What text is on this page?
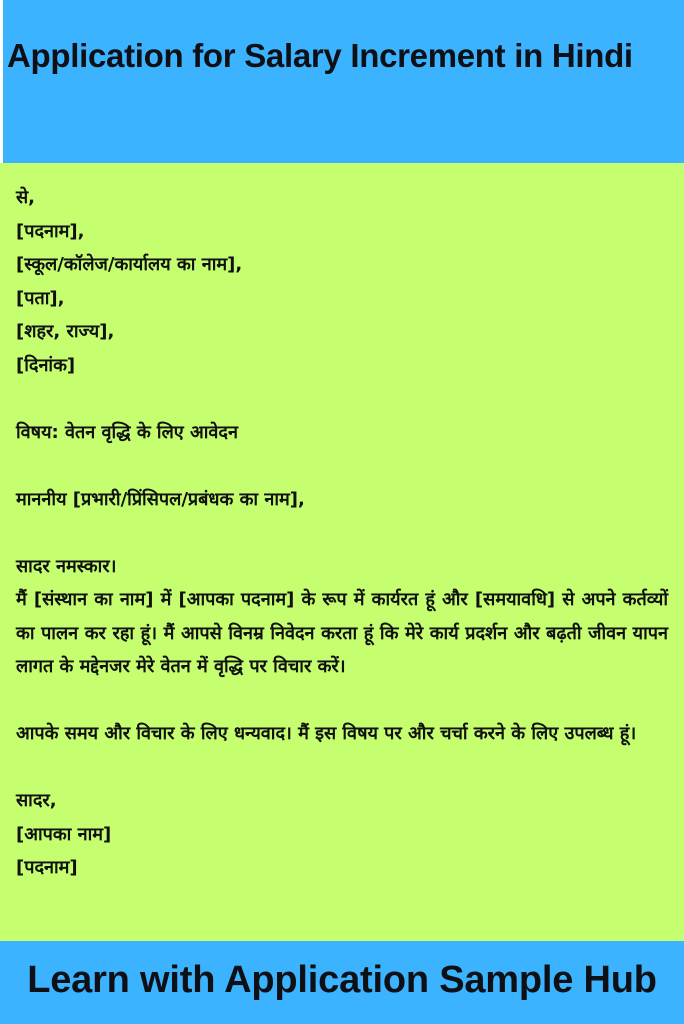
Application for Salary Increment in Hindi
से,
[पदनाम],
[स्कूल/कॉलेज/कार्यालय का नाम],
[पता],
[शहर, राज्य],
[दिनांक]
विषय: वेतन वृद्धि के लिए आवेदन
माननीय [प्रभारी/प्रिंसिपल/प्रबंधक का नाम],
सादर नमस्कार।
मैं [संस्थान का नाम] में [आपका पदनाम] के रूप में कार्यरत हूं और [समयावधि] से अपने कर्तव्यों का पालन कर रहा हूं। मैं आपसे विनम्र निवेदन करता हूं कि मेरे कार्य प्रदर्शन और बढ़ती जीवन यापन लागत के मद्देनजर मेरे वेतन में वृद्धि पर विचार करें।
आपके समय और विचार के लिए धन्यवाद। मैं इस विषय पर और चर्चा करने के लिए उपलब्ध हूं।
सादर,
[आपका नाम]
[पदनाम]
Learn with Application Sample Hub
